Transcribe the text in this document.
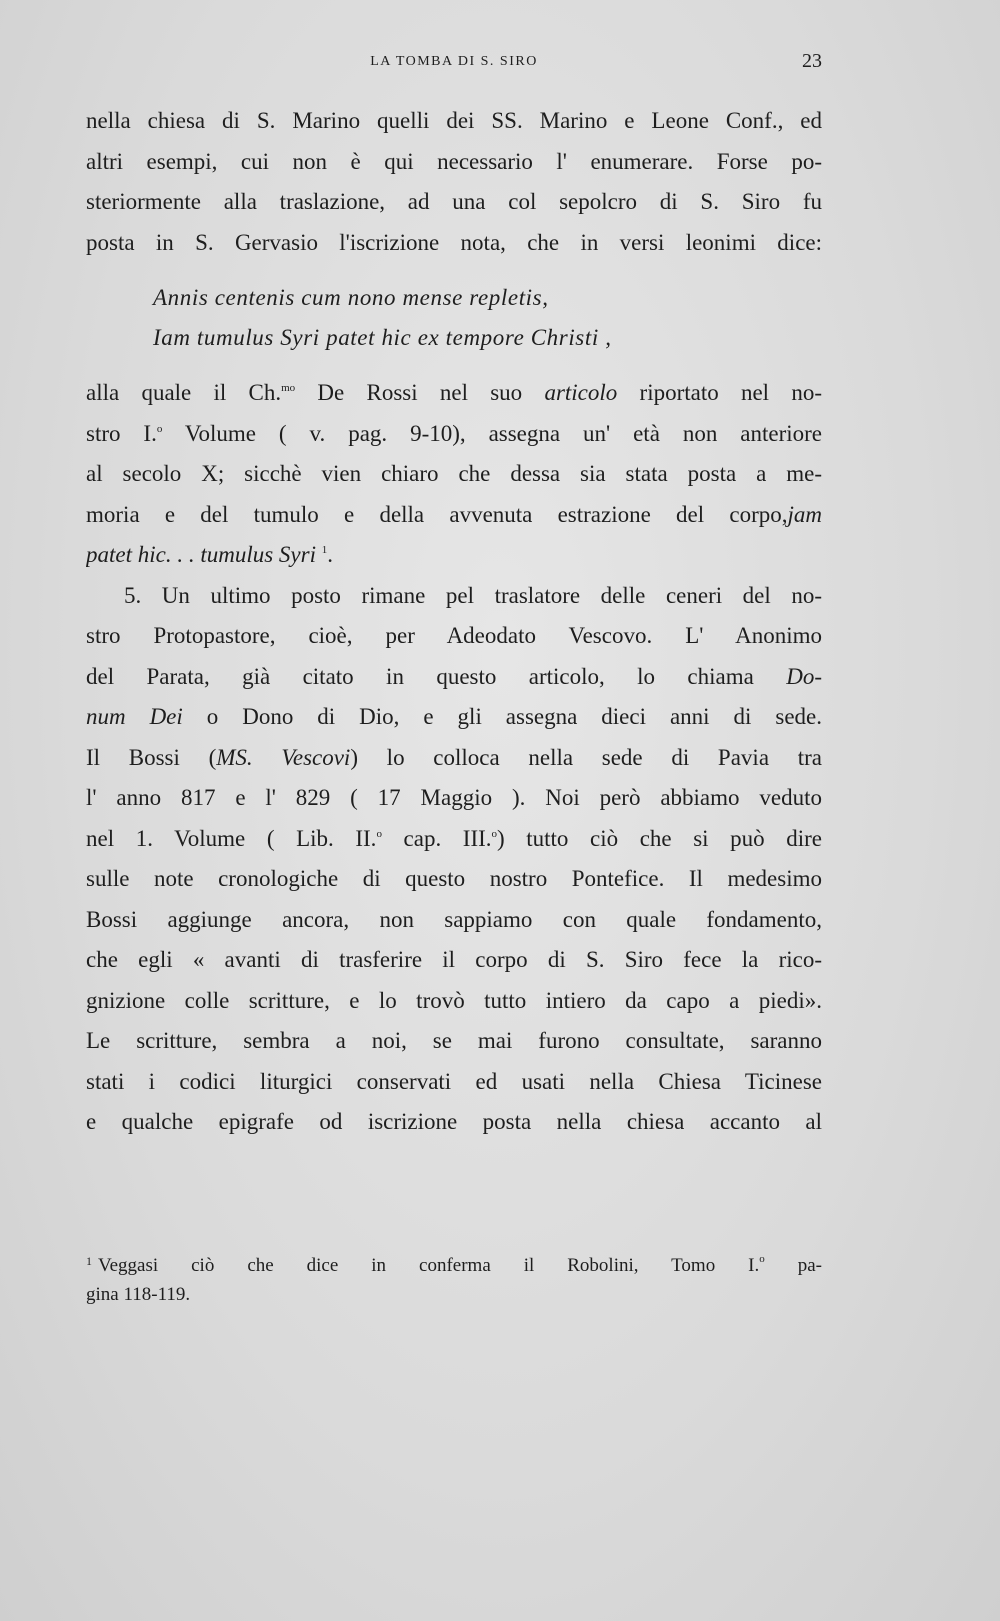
LA TOMBA DI S. SIRO	23
nella chiesa di S. Marino quelli dei SS. Marino e Leone Conf., ed
altri esempi, cui non è qui necessario l' enumerare. Forse po-
steriormente alla traslazione, ad una col sepolcro di S. Siro fu
posta in S. Gervasio l'iscrizione nota, che in versi leonimi dice:
Annis centenis cum nono mense repletis,
Iam tumulus Syri patet hic ex tempore Christi ,
alla quale il Ch.$^{mo}$ De Rossi nel suo articolo riportato nel no-
stro I.$^o$ Volume ( v. pag. 9-10), assegna un' età non anteriore
al secolo X; sicchè vien chiaro che dessa sia stata posta a me-
moria e del tumulo e della avvenuta estrazione del corpo,jam
patet hic. . . tumulus Syri $^1$.
5. Un ultimo posto rimane pel traslatore delle ceneri del no-
stro Protopastore, cioè, per Adeodato Vescovo. L' Anonimo
del Parata, già citato in questo articolo, lo chiama Do-
num Dei o Dono di Dio, e gli assegna dieci anni di sede.
Il Bossi (MS. Vescovi) lo colloca nella sede di Pavia tra
l' anno 817 e l' 829 ( 17 Maggio ). Noi però abbiamo veduto
nel 1. Volume ( Lib. II.$^o$ cap. III.$^o$) tutto ciò che si può dire
sulle note cronologiche di questo nostro Pontefice. Il medesimo
Bossi aggiunge ancora, non sappiamo con quale fondamento,
che egli « avanti di trasferire il corpo di S. Siro fece la rico-
gnizione colle scritture, e lo trovò tutto intiero da capo a piedi».
Le scritture, sembra a noi, se mai furono consultate, saranno
stati i codici liturgici conservati ed usati nella Chiesa Ticinese
e qualche epigrafe od iscrizione posta nella chiesa accanto al
$^1$ Veggasi ciò che dice in conferma il Robolini, Tomo I.$^o$ pa-
gina 118-119.
